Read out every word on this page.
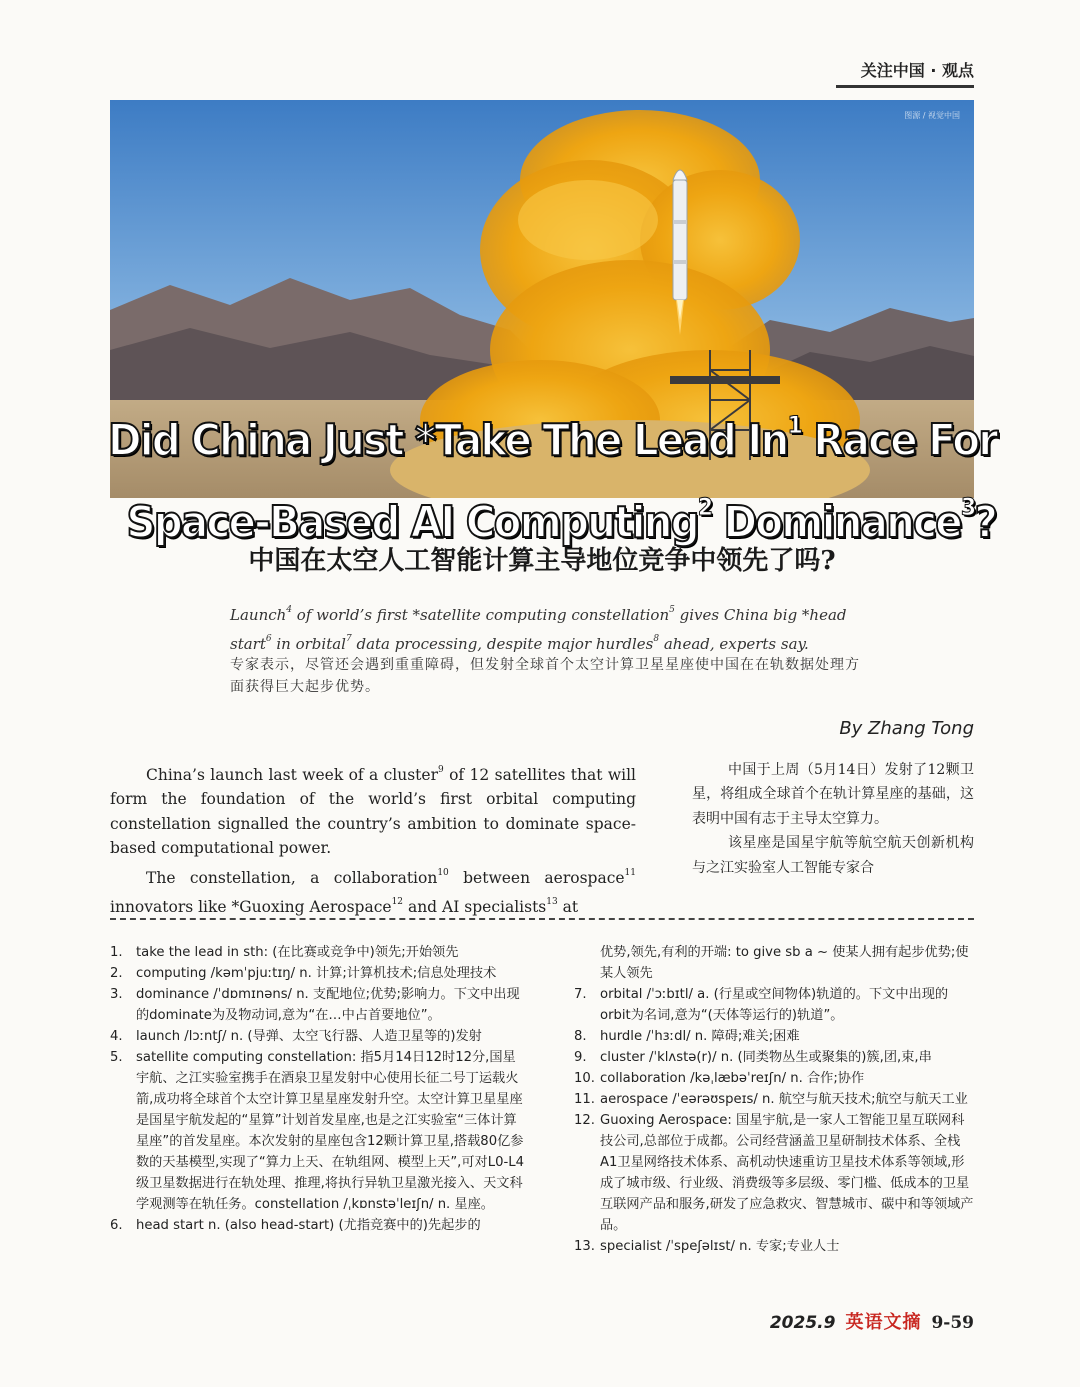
关注中国 · 观点
图源 / 视觉中国
Did China Just *Take The Lead In$^1$ Race For
Space-Based AI Computing$^2$ Dominance$^3$?
中国在太空人工智能计算主导地位竞争中领先了吗?
Launch$^4$ of world’s first *satellite computing constellation$^5$ gives China big *head start$^6$ in orbital$^7$ data processing, despite major hurdles$^8$ ahead, experts say.
专家表示，尽管还会遇到重重障碍，但发射全球首个太空计算卫星星座使中国在在轨数据处理方面获得巨大起步优势。
By Zhang Tong

China’s launch last week of a cluster$^9$ of 12 satellites that will form the foundation of the world’s first orbital computing constellation signalled the country’s ambition to dominate space-based computational power.

The constellation, a collaboration$^{10}$ between aerospace$^{11}$ innovators like *Guoxing Aerospace$^{12}$ and AI specialists$^{13}$ at

中国于上周（5月14日）发射了12颗卫星，将组成全球首个在轨计算星座的基础，这表明中国有志于主导太空算力。

该星座是国星宇航等航空航天创新机构与之江实验室人工智能专家合

1.	take the lead in sth: (在比赛或竞争中)领先;开始领先
2.	computing /kəmˈpjuːtɪŋ/ n. 计算;计算机技术;信息处理技术
3.	dominance /ˈdɒmɪnəns/ n. 支配地位;优势;影响力。下文中出现的dominate为及物动词,意为“在…中占首要地位”。
4.	launch /lɔːntʃ/ n. (导弹、太空飞行器、人造卫星等的)发射
5.	satellite computing constellation: 指5月14日12时12分,国星宇航、之江实验室携手在酒泉卫星发射中心使用长征二号丁运载火箭,成功将全球首个太空计算卫星星座发射升空。太空计算卫星星座是国星宇航发起的“星算”计划首发星座,也是之江实验室“三体计算星座”的首发星座。本次发射的星座包含12颗计算卫星,搭载80亿参数的天基模型,实现了“算力上天、在轨组网、模型上天”,可对L0-L4级卫星数据进行在轨处理、推理,将执行异轨卫星激光接入、天文科学观测等在轨任务。constellation /ˌkɒnstəˈleɪʃn/ n. 星座。
6.	head start n. (also head-start) (尤指竞赛中的)先起步的
优势,领先,有利的开端: to give sb a ~ 使某人拥有起步优势;使某人领先
7.	orbital /ˈɔːbɪtl/ a. (行星或空间物体)轨道的。下文中出现的orbit为名词,意为“(天体等运行的)轨道”。
8.	hurdle /ˈhɜːdl/ n. 障碍;难关;困难
9.	cluster /ˈklʌstə(r)/ n. (同类物丛生或聚集的)簇,团,束,串
10. collaboration /kəˌlæbəˈreɪʃn/ n. 合作;协作
11. aerospace /ˈeərəʊspeɪs/ n. 航空与航天技术;航空与航天工业
12. Guoxing Aerospace: 国星宇航,是一家人工智能卫星互联网科技公司,总部位于成都。公司经营涵盖卫星研制技术体系、全栈A1卫星网络技术体系、高机动快速重访卫星技术体系等领域,形成了城市级、行业级、消费级等多层级、零门槛、低成本的卫星互联网产品和服务,研发了应急救灾、智慧城市、碳中和等领域产品。
13. specialist /ˈspeʃəlɪst/ n. 专家;专业人士
2025.9 英语文摘 9-59
